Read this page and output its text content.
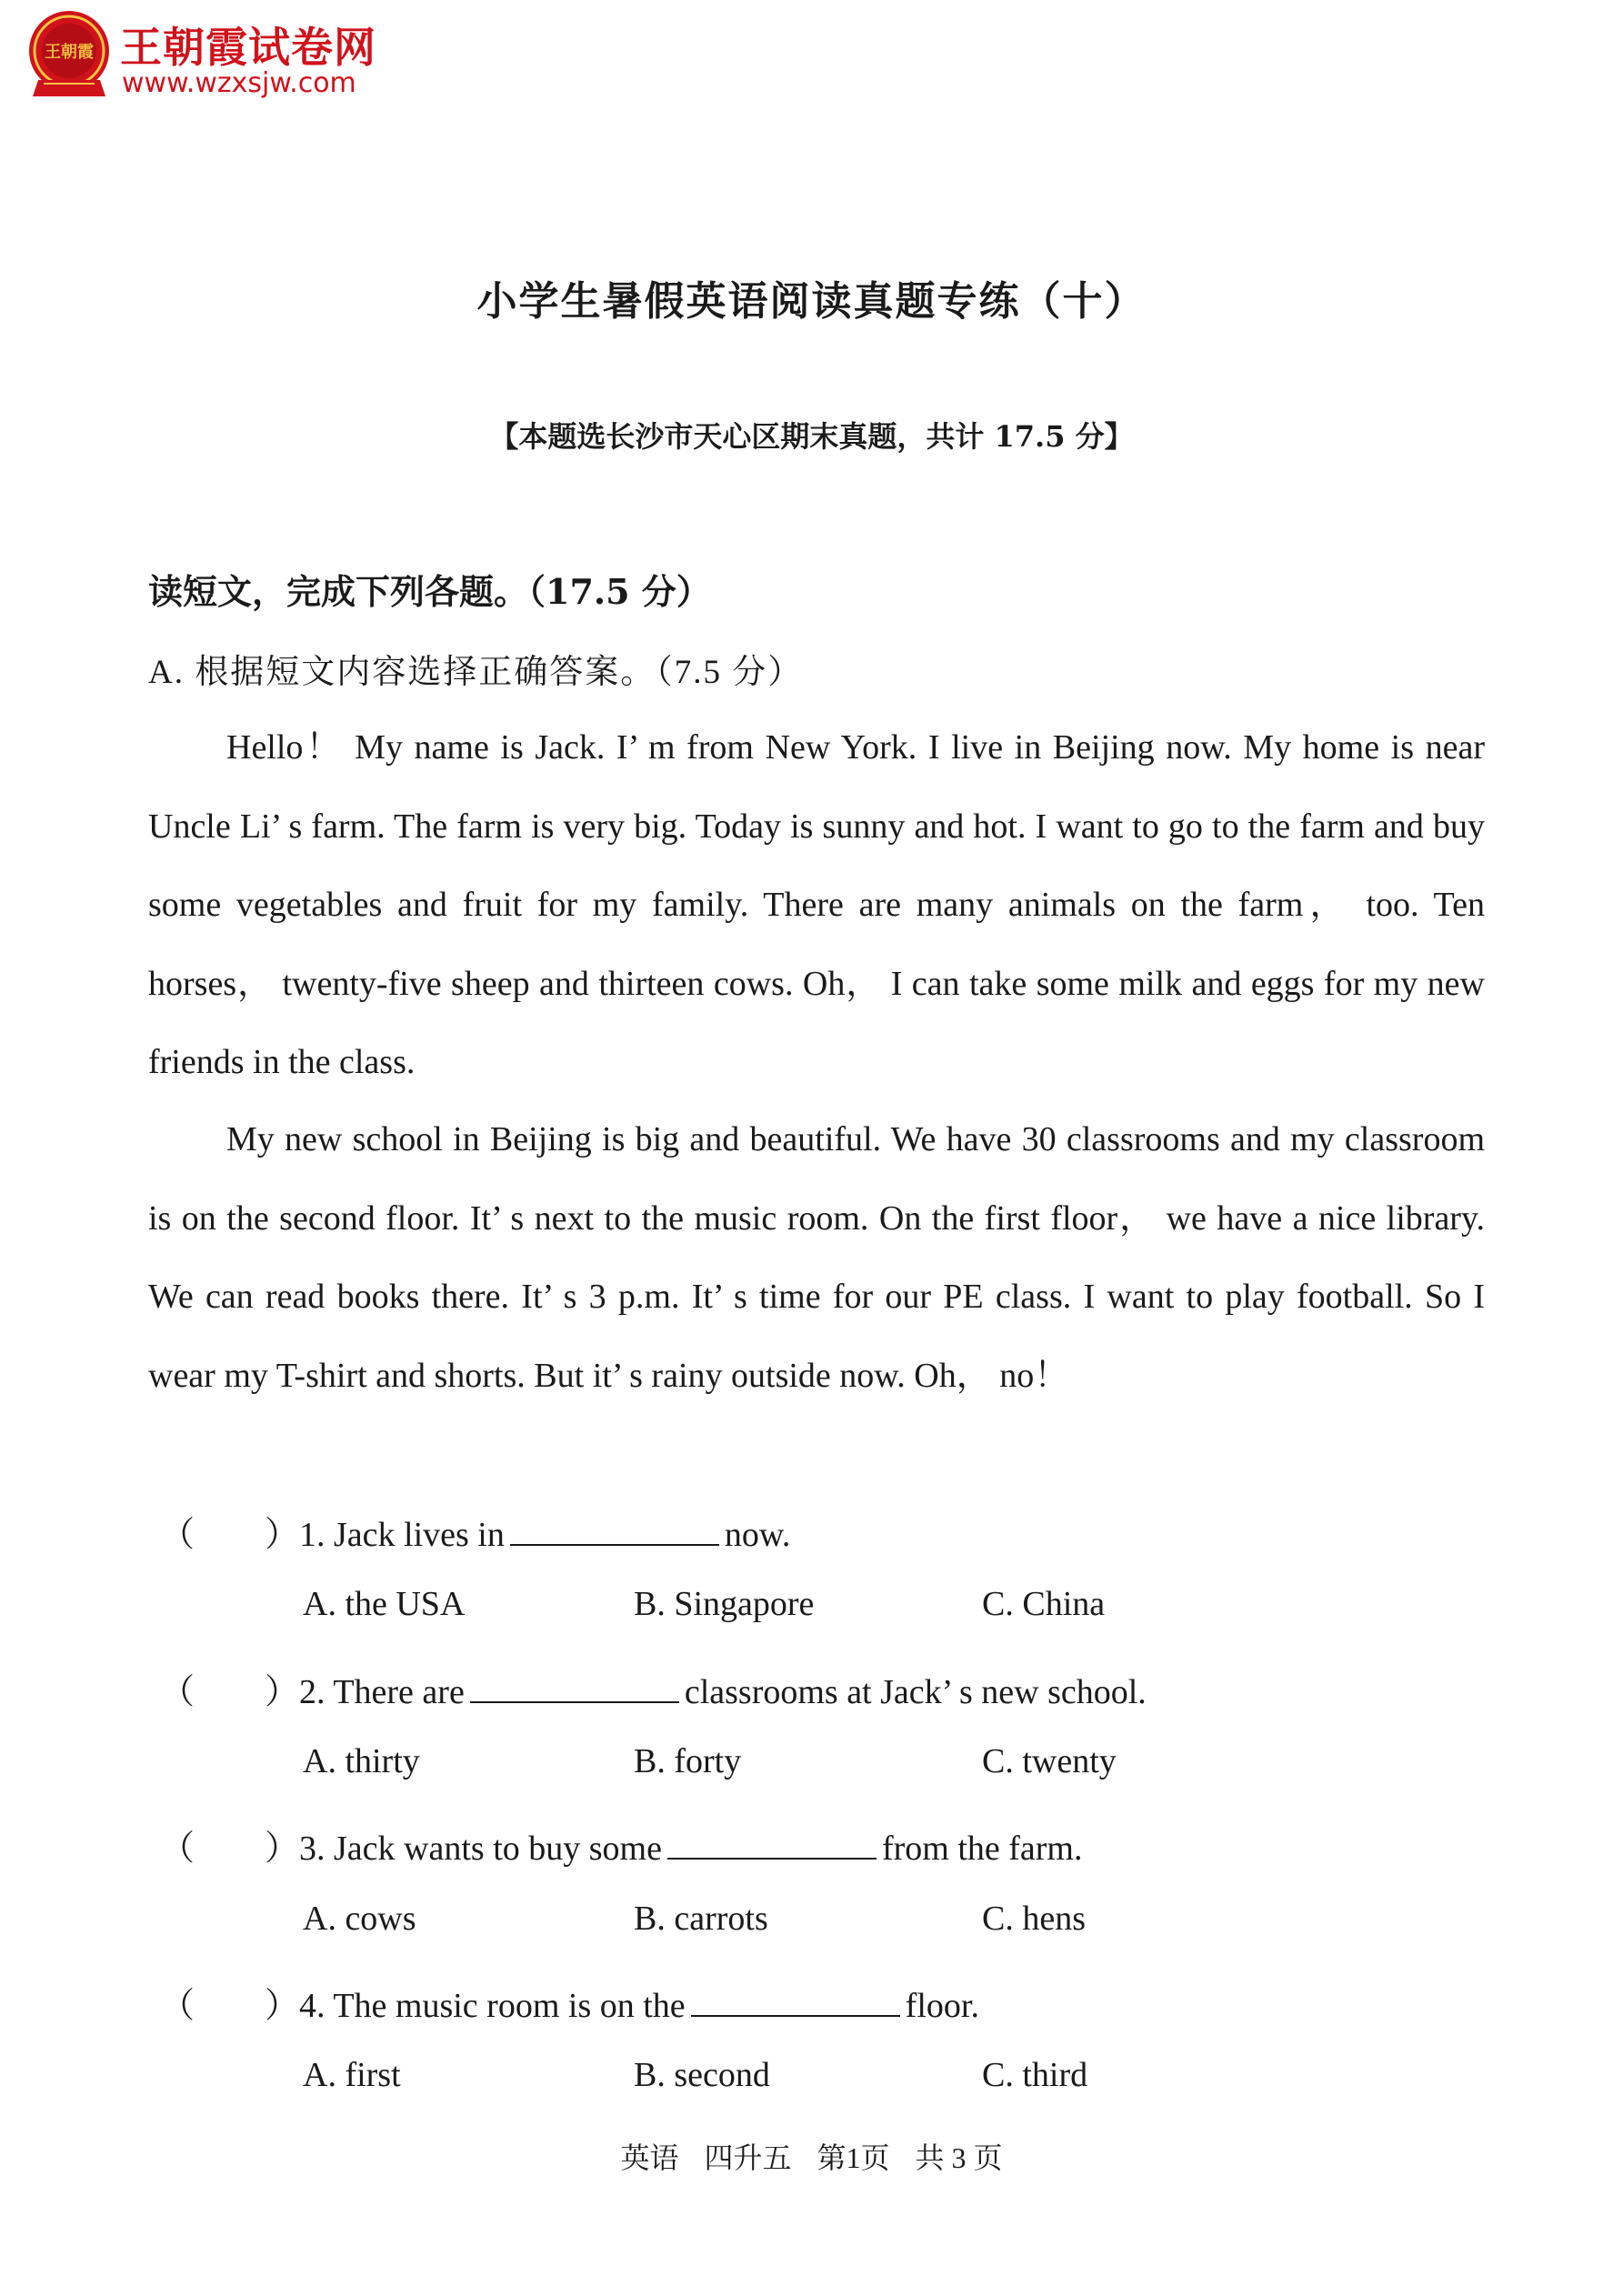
王朝霞 王朝霞试卷网
www.wzxsjw.com
小学生暑假英语阅读真题专练（十）
【本题选长沙市天心区期末真题，共计 17.5 分】
读短文，完成下列各题。（17.5 分）
A. 根据短文内容选择正确答案。（7.5 分）

Hello！ My name is Jack. I’ m from New York. I live in Beijing now. My home is near Uncle Li’ s farm. The farm is very big. Today is sunny and hot. I want to go to the farm and buy some vegetables and fruit for my family. There are many animals on the farm， too. Ten horses， twenty-five sheep and thirteen cows. Oh， I can take some milk and eggs for my new friends in the class.

My new school in Beijing is big and beautiful. We have 30 classrooms and my classroom is on the second floor. It’ s next to the music room. On the first floor， we have a nice library. We can read books there. It’ s 3 p.m. It’ s time for our PE class. I want to play football. So I wear my T-shirt and shorts. But it’ s rainy outside now. Oh， no！

（ ）1. Jack lives in	now.
A. the USA	B. Singapore	C. China
（ ）2. There are	classrooms at Jack’ s new school.
A. thirty	B. forty	C. twenty
（ ）3. Jack wants to buy some	from the farm.
A. cows	B. carrots	C. hens
（ ）4. The music room is on the	floor.
A. first	B. second	C. third
英语 四升五 第1页 共 3 页
